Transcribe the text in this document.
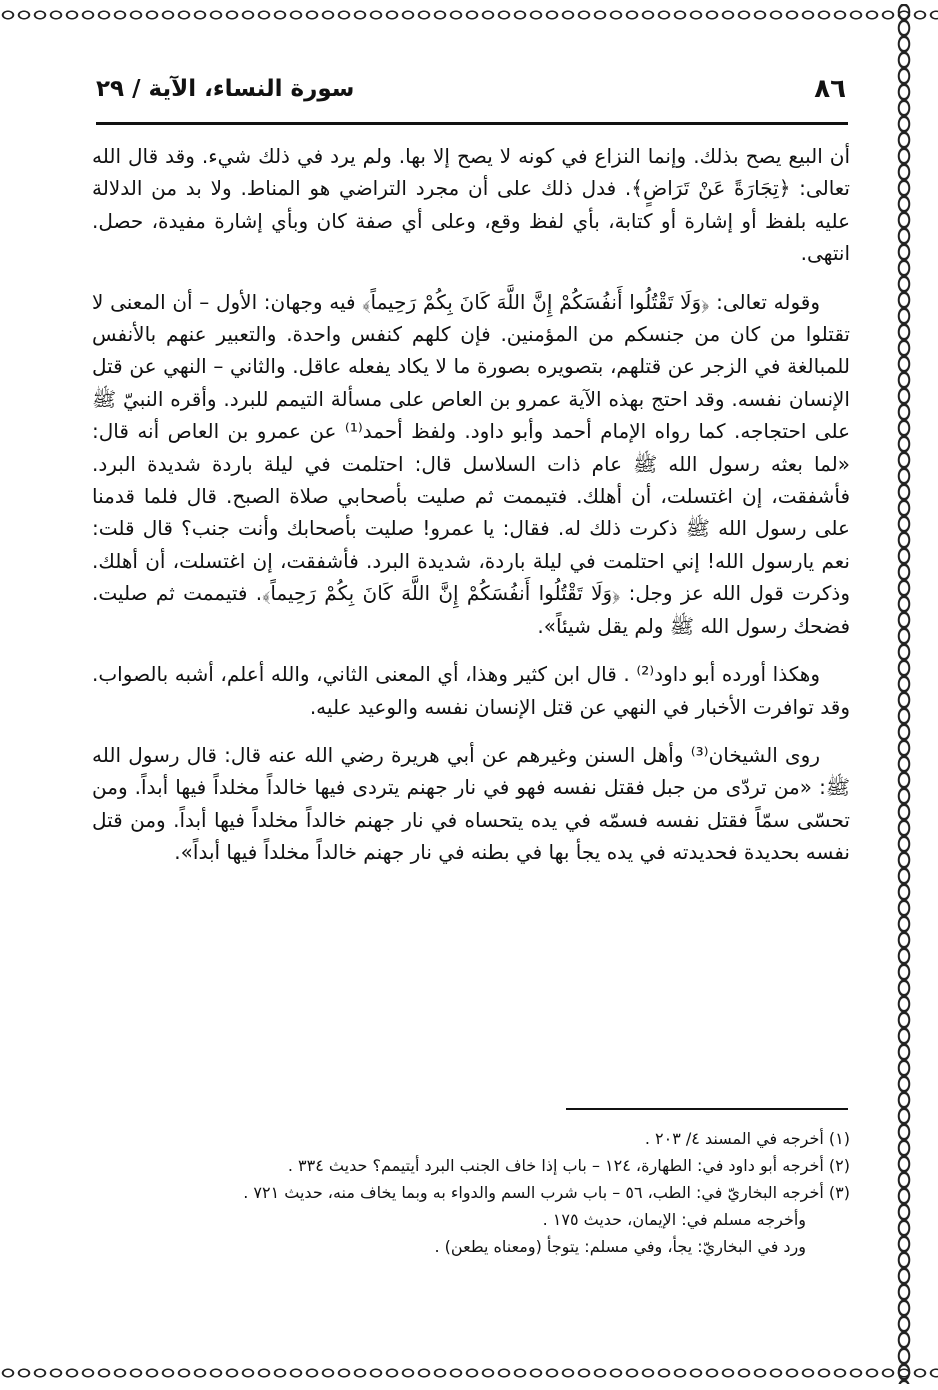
٨٦
سورة النساء، الآية / ٢٩

أن البيع يصح بذلك. وإنما النزاع في كونه لا يصح إلا بها. ولم يرد في ذلك شيء. وقد قال الله تعالى: ﴿تِجَارَةً عَنْ تَرَاضٍ﴾. فدل ذلك على أن مجرد التراضي هو المناط. ولا بد من الدلالة عليه بلفظ أو إشارة أو كتابة، بأي لفظ وقع، وعلى أي صفة كان وبأي إشارة مفيدة، حصل. انتهى.

وقوله تعالى: ﴿وَلَا تَقْتُلُوا أَنفُسَكُمْ إِنَّ اللَّهَ كَانَ بِكُمْ رَحِيماً﴾ فيه وجهان: الأول – أن المعنى لا تقتلوا من كان من جنسكم من المؤمنين. فإن كلهم كنفس واحدة. والتعبير عنهم بالأنفس للمبالغة في الزجر عن قتلهم، بتصويره بصورة ما لا يكاد يفعله عاقل. والثاني – النهي عن قتل الإنسان نفسه. وقد احتج بهذه الآية عمرو بن العاص على مسألة التيمم للبرد. وأقره النبيّ ﷺ على احتجاجه. كما رواه الإمام أحمد وأبو داود. ولفظ أحمد⁽¹⁾ عن عمرو بن العاص أنه قال: «لما بعثه رسول الله ﷺ عام ذات السلاسل قال: احتلمت في ليلة باردة شديدة البرد. فأشفقت، إن اغتسلت، أن أهلك. فتيممت ثم صليت بأصحابي صلاة الصبح. قال فلما قدمنا على رسول الله ﷺ ذكرت ذلك له. فقال: يا عمرو! صليت بأصحابك وأنت جنب؟ قال قلت: نعم يارسول الله! إني احتلمت في ليلة باردة، شديدة البرد. فأشفقت، إن اغتسلت، أن أهلك. وذكرت قول الله عز وجل: ﴿وَلَا تَقْتُلُوا أَنفُسَكُمْ إِنَّ اللَّهَ كَانَ بِكُمْ رَحِيماً﴾. فتيممت ثم صليت. فضحك رسول الله ﷺ ولم يقل شيئاً».

وهكذا أورده أبو داود⁽²⁾ . قال ابن كثير وهذا، أي المعنى الثاني، والله أعلم، أشبه بالصواب. وقد توافرت الأخبار في النهي عن قتل الإنسان نفسه والوعيد عليه.

روى الشيخان⁽³⁾ وأهل السنن وغيرهم عن أبي هريرة رضي الله عنه قال: قال رسول الله ﷺ: «من تردّى من جبل فقتل نفسه فهو في نار جهنم يتردى فيها خالداً مخلداً فيها أبداً. ومن تحسّى سمّاً فقتل نفسه فسمّه في يده يتحساه في نار جهنم خالداً مخلداً فيها أبداً. ومن قتل نفسه بحديدة فحديدته في يده يجأ بها في بطنه في نار جهنم خالداً مخلداً فيها أبداً».

(١) أخرجه في المسند ٤/ ٢٠٣ .
(٢) أخرجه أبو داود في: الطهارة، ١٢٤ – باب إذا خاف الجنب البرد أيتيمم؟ حديث ٣٣٤ .
(٣) أخرجه البخاريّ في: الطب، ٥٦ – باب شرب السم والدواء به وبما يخاف منه، حديث ٧٢١ .
وأخرجه مسلم في: الإيمان، حديث ١٧٥ .
ورد في البخاريّ: يجأ، وفي مسلم: يتوجأ (ومعناه يطعن) .
